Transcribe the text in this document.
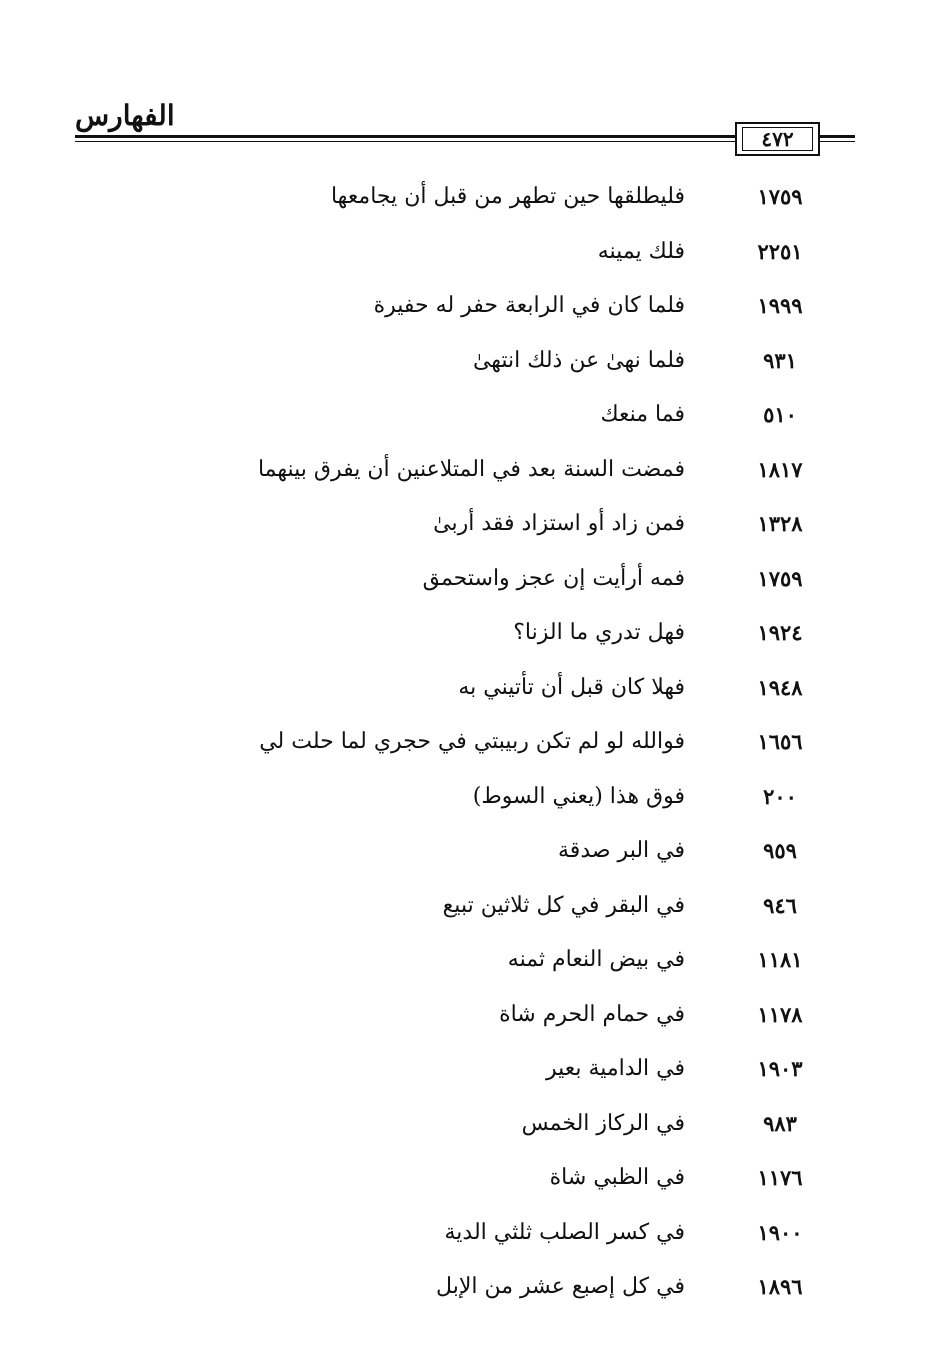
الفهارس
٤٧٢
١٧٥٩
فليطلقها حين تطهر من قبل أن يجامعها
٢٢٥١
فلك يمينه
١٩٩٩
فلما كان في الرابعة حفر له حفيرة
٩٣١
فلما نهىٰ عن ذلك انتهىٰ
٥١٠
فما منعك
١٨١٧
فمضت السنة بعد في المتلاعنين أن يفرق بينهما
١٣٢٨
فمن زاد أو استزاد فقد أربىٰ
١٧٥٩
فمه أرأيت إن عجز واستحمق
١٩٢٤
فهل تدري ما الزنا؟
١٩٤٨
فهلا كان قبل أن تأتيني به
١٦٥٦
فوالله لو لم تكن ربيبتي في حجري لما حلت لي
٢٠٠
فوق هذا (يعني السوط)
٩٥٩
في البر صدقة
٩٤٦
في البقر في كل ثلاثين تبيع
١١٨١
في بيض النعام ثمنه
١١٧٨
في حمام الحرم شاة
١٩٠٣
في الدامية بعير
٩٨٣
في الركاز الخمس
١١٧٦
في الظبي شاة
١٩٠٠
في كسر الصلب ثلثي الدية
١٨٩٦
في كل إصبع عشر من الإبل
